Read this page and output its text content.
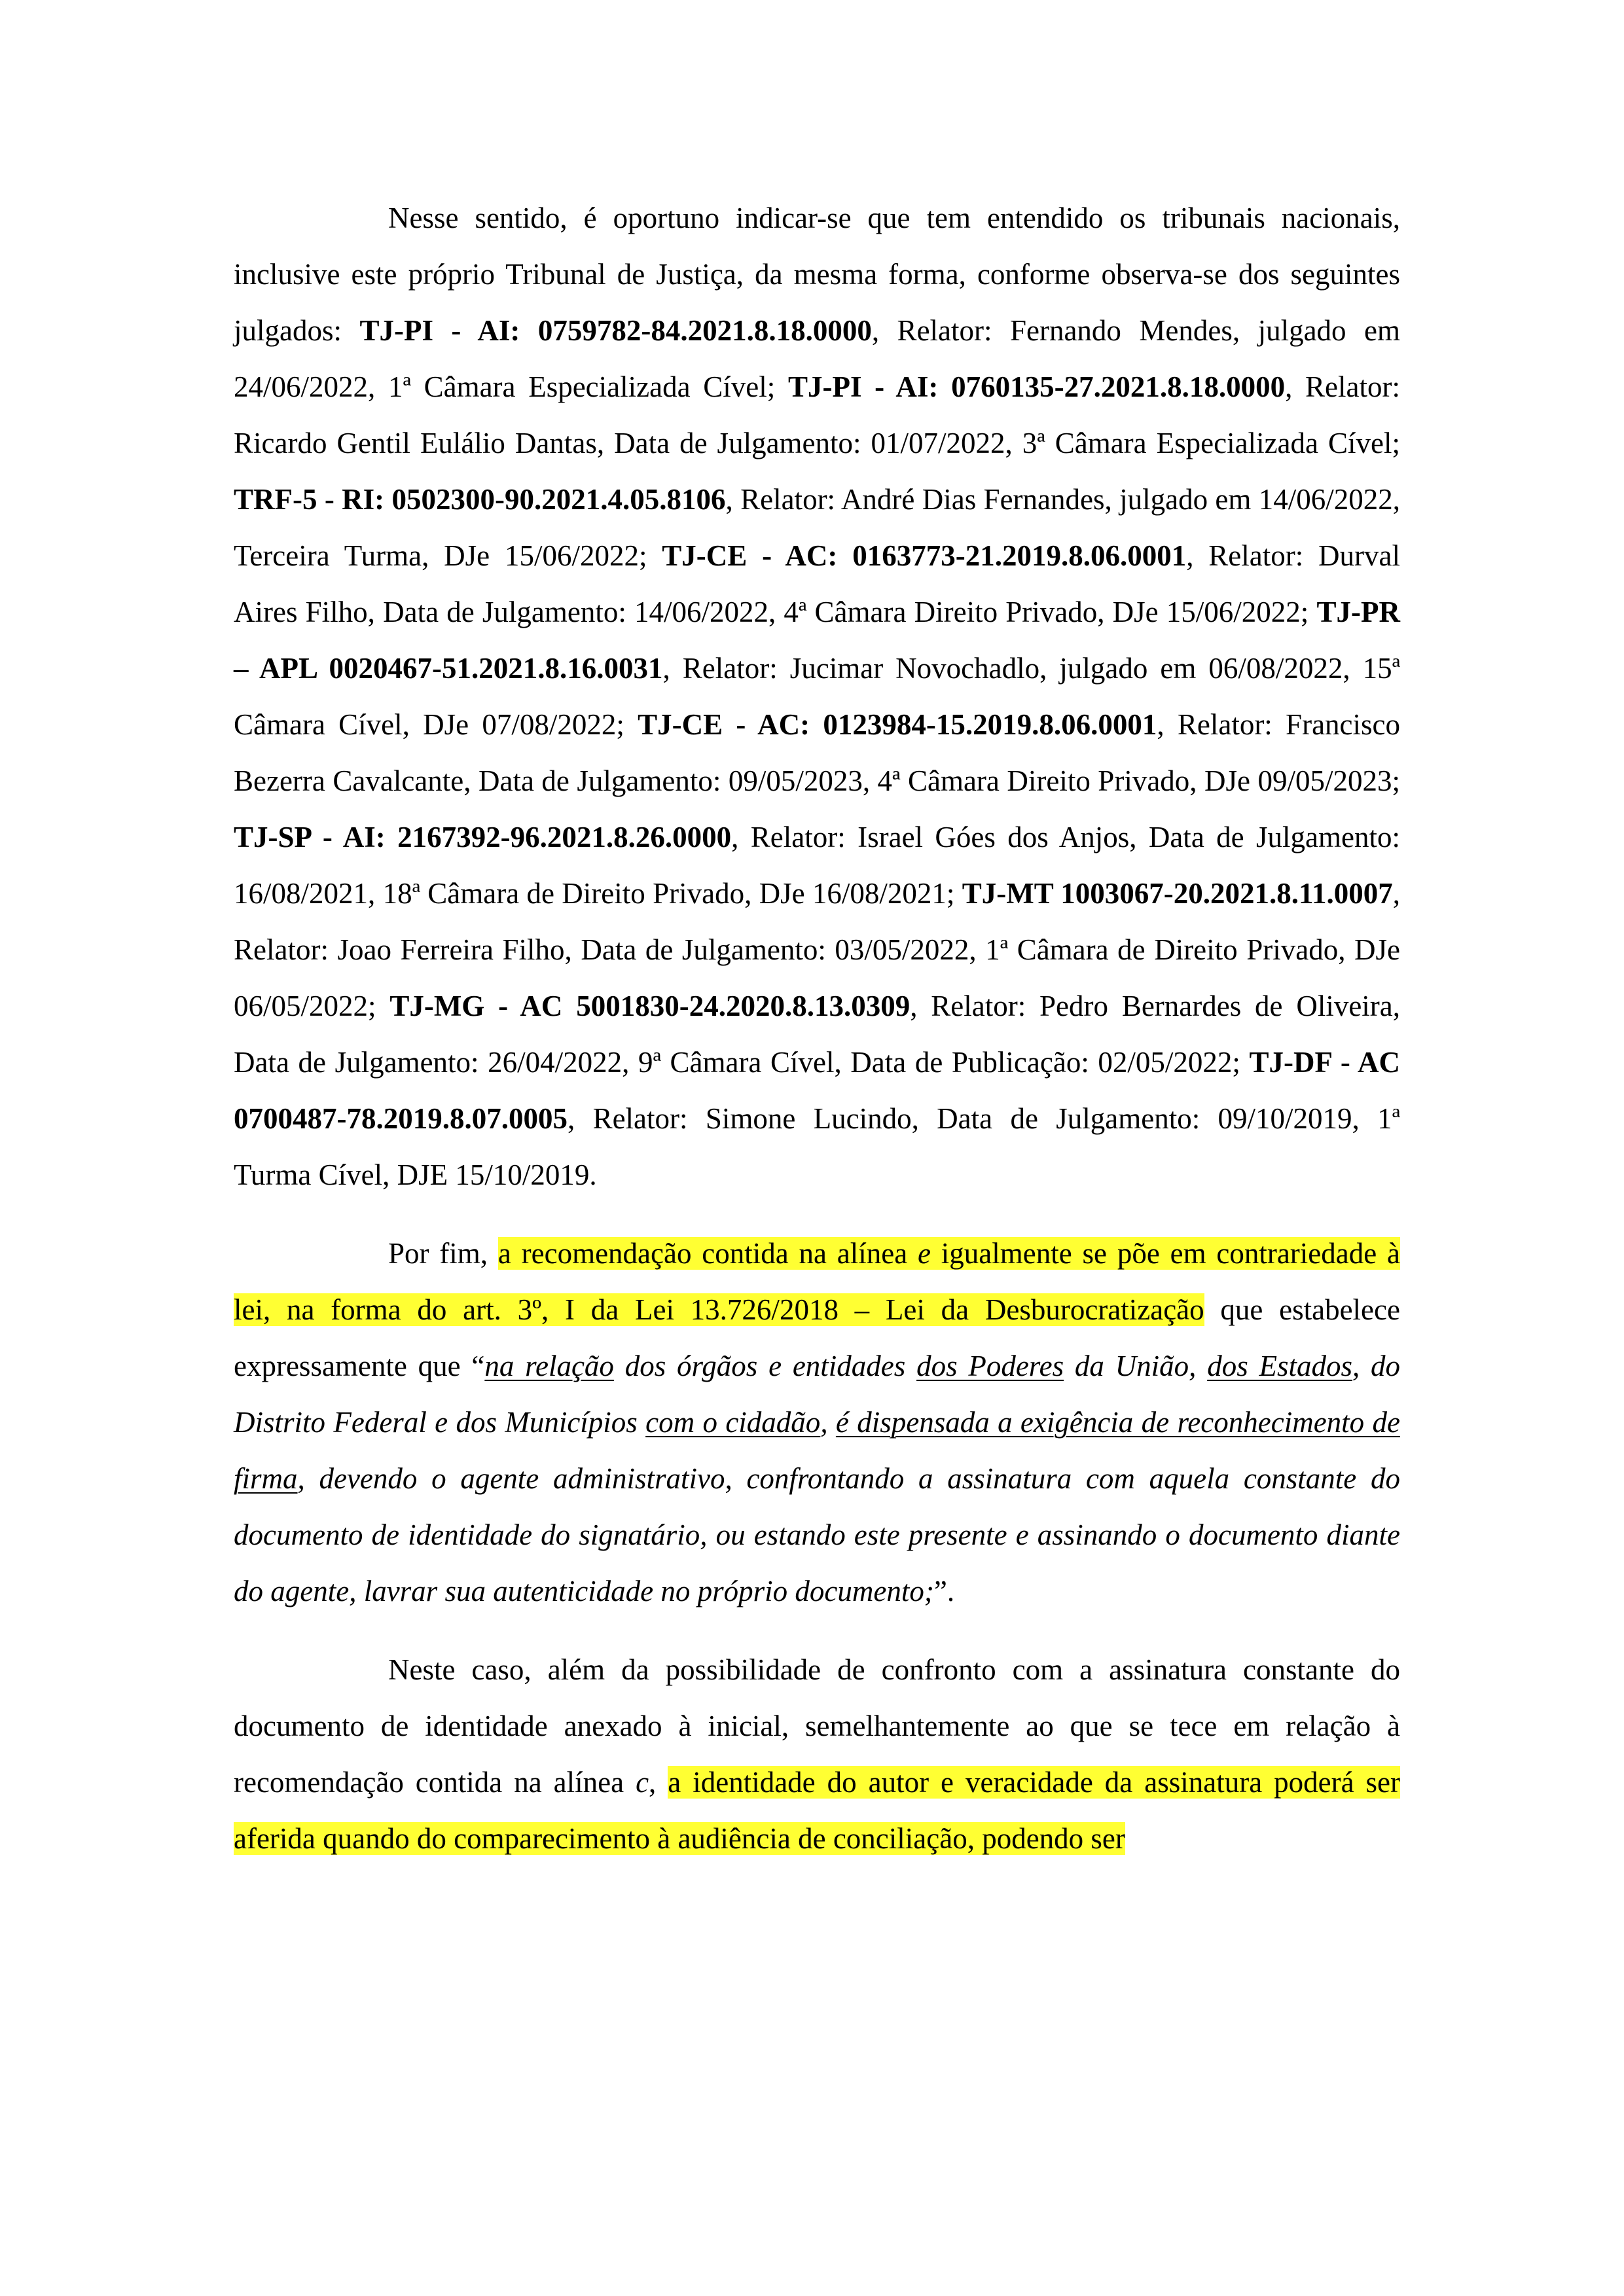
Nesse sentido, é oportuno indicar-se que tem entendido os tribunais nacionais, inclusive este próprio Tribunal de Justiça, da mesma forma, conforme observa-se dos seguintes julgados: TJ-PI - AI: 0759782-84.2021.8.18.0000, Relator: Fernando Mendes, julgado em 24/06/2022, 1ª Câmara Especializada Cível; TJ-PI - AI: 0760135-27.2021.8.18.0000, Relator: Ricardo Gentil Eulálio Dantas, Data de Julgamento: 01/07/2022, 3ª Câmara Especializada Cível; TRF-5 - RI: 0502300-90.2021.4.05.8106, Relator: André Dias Fernandes, julgado em 14/06/2022, Terceira Turma, DJe 15/06/2022; TJ-CE - AC: 0163773-21.2019.8.06.0001, Relator: Durval Aires Filho, Data de Julgamento: 14/06/2022, 4ª Câmara Direito Privado, DJe 15/06/2022; TJ-PR – APL 0020467-51.2021.8.16.0031, Relator: Jucimar Novochadlo, julgado em 06/08/2022, 15ª Câmara Cível, DJe 07/08/2022; TJ-CE - AC: 0123984-15.2019.8.06.0001, Relator: Francisco Bezerra Cavalcante, Data de Julgamento: 09/05/2023, 4ª Câmara Direito Privado, DJe 09/05/2023; TJ-SP - AI: 2167392-96.2021.8.26.0000, Relator: Israel Góes dos Anjos, Data de Julgamento: 16/08/2021, 18ª Câmara de Direito Privado, DJe 16/08/2021; TJ-MT 1003067-20.2021.8.11.0007, Relator: Joao Ferreira Filho, Data de Julgamento: 03/05/2022, 1ª Câmara de Direito Privado, DJe 06/05/2022; TJ-MG - AC 5001830-24.2020.8.13.0309, Relator: Pedro Bernardes de Oliveira, Data de Julgamento: 26/04/2022, 9ª Câmara Cível, Data de Publicação: 02/05/2022; TJ-DF - AC 0700487-78.2019.8.07.0005, Relator: Simone Lucindo, Data de Julgamento: 09/10/2019, 1ª Turma Cível, DJE 15/10/2019.

Por fim, a recomendação contida na alínea e igualmente se põe em contrariedade à lei, na forma do art. 3º, I da Lei 13.726/2018 – Lei da Desburocratização que estabelece expressamente que “na relação dos órgãos e entidades dos Poderes da União, dos Estados, do Distrito Federal e dos Municípios com o cidadão, é dispensada a exigência de reconhecimento de firma, devendo o agente administrativo, confrontando a assinatura com aquela constante do documento de identidade do signatário, ou estando este presente e assinando o documento diante do agente, lavrar sua autenticidade no próprio documento;”.

Neste caso, além da possibilidade de confronto com a assinatura constante do documento de identidade anexado à inicial, semelhantemente ao que se tece em relação à recomendação contida na alínea c, a identidade do autor e veracidade da assinatura poderá ser aferida quando do comparecimento à audiência de conciliação, podendo ser
